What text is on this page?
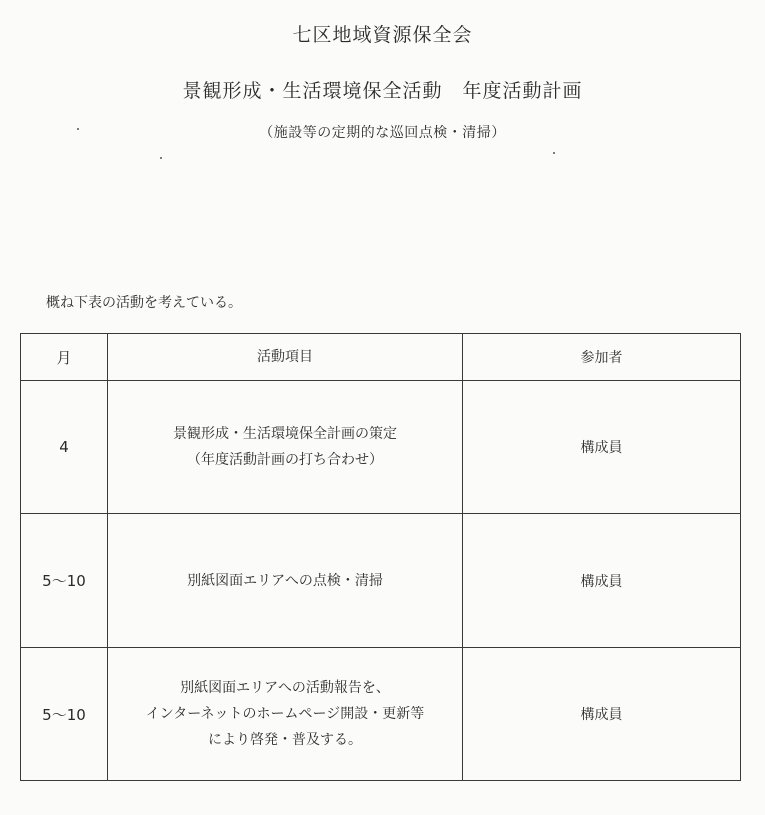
七区地域資源保全会
景観形成・生活環境保全活動　年度活動計画
（施設等の定期的な巡回点検・清掃）
概ね下表の活動を考えている。
月	活動項目	参加者
4	景観形成・生活環境保全計画の策定
（年度活動計画の打ち合わせ）	構成員
5～10	別紙図面エリアへの点検・清掃	構成員
5～10	別紙図面エリアへの活動報告を、
インターネットのホームページ開設・更新等
により啓発・普及する。	構成員
